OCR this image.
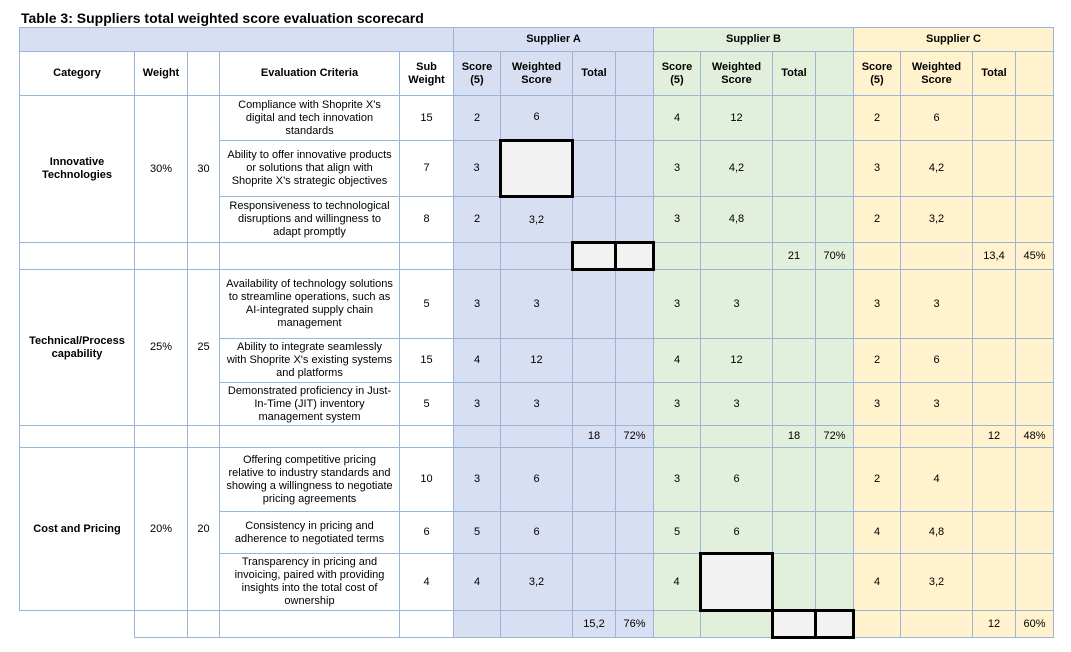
Table 3: Suppliers total weighted score evaluation scorecard
					Supplier A				Supplier B				Supplier C			
Category	Weight		Evaluation Criteria	Sub Weight	Score (5)	Weighted Score	Total		Score (5)	Weighted Score	Total		Score (5)	Weighted Score	Total	
Innovative Technologies	30%	30	Compliance with Shoprite X's digital and tech innovation standards	15	2	6			4	12			2	6		
			Ability to offer innovative products or solutions that align with Shoprite X's strategic objectives	7	3				3	4,2			3	4,2		
			Responsiveness to technological disruptions and willingness to adapt promptly	8	2	3,2			3	4,8			2	3,2		
											21	70%			13,4	45%
Technical/Process capability	25%	25	Availability of technology solutions to streamline operations, such as AI-integrated supply chain management	5	3	3			3	3			3	3		
			Ability to integrate seamlessly with Shoprite X's existing systems and platforms	15	4	12			4	12			2	6		
			Demonstrated proficiency in Just-In-Time (JIT) inventory management system	5	3	3			3	3			3	3		
							18	72%			18	72%			12	48%
Cost and Pricing	20%	20	Offering competitive pricing relative to industry standards and showing a willingness to negotiate pricing agreements	10	3	6			3	6			2	4		
			Consistency in pricing and adherence to negotiated terms	6	5	6			5	6			4	4,8		
			Transparency in pricing and invoicing, paired with providing insights into the total cost of ownership	4	4	3,2			4				4	3,2		
							15,2	76%							12	60%
